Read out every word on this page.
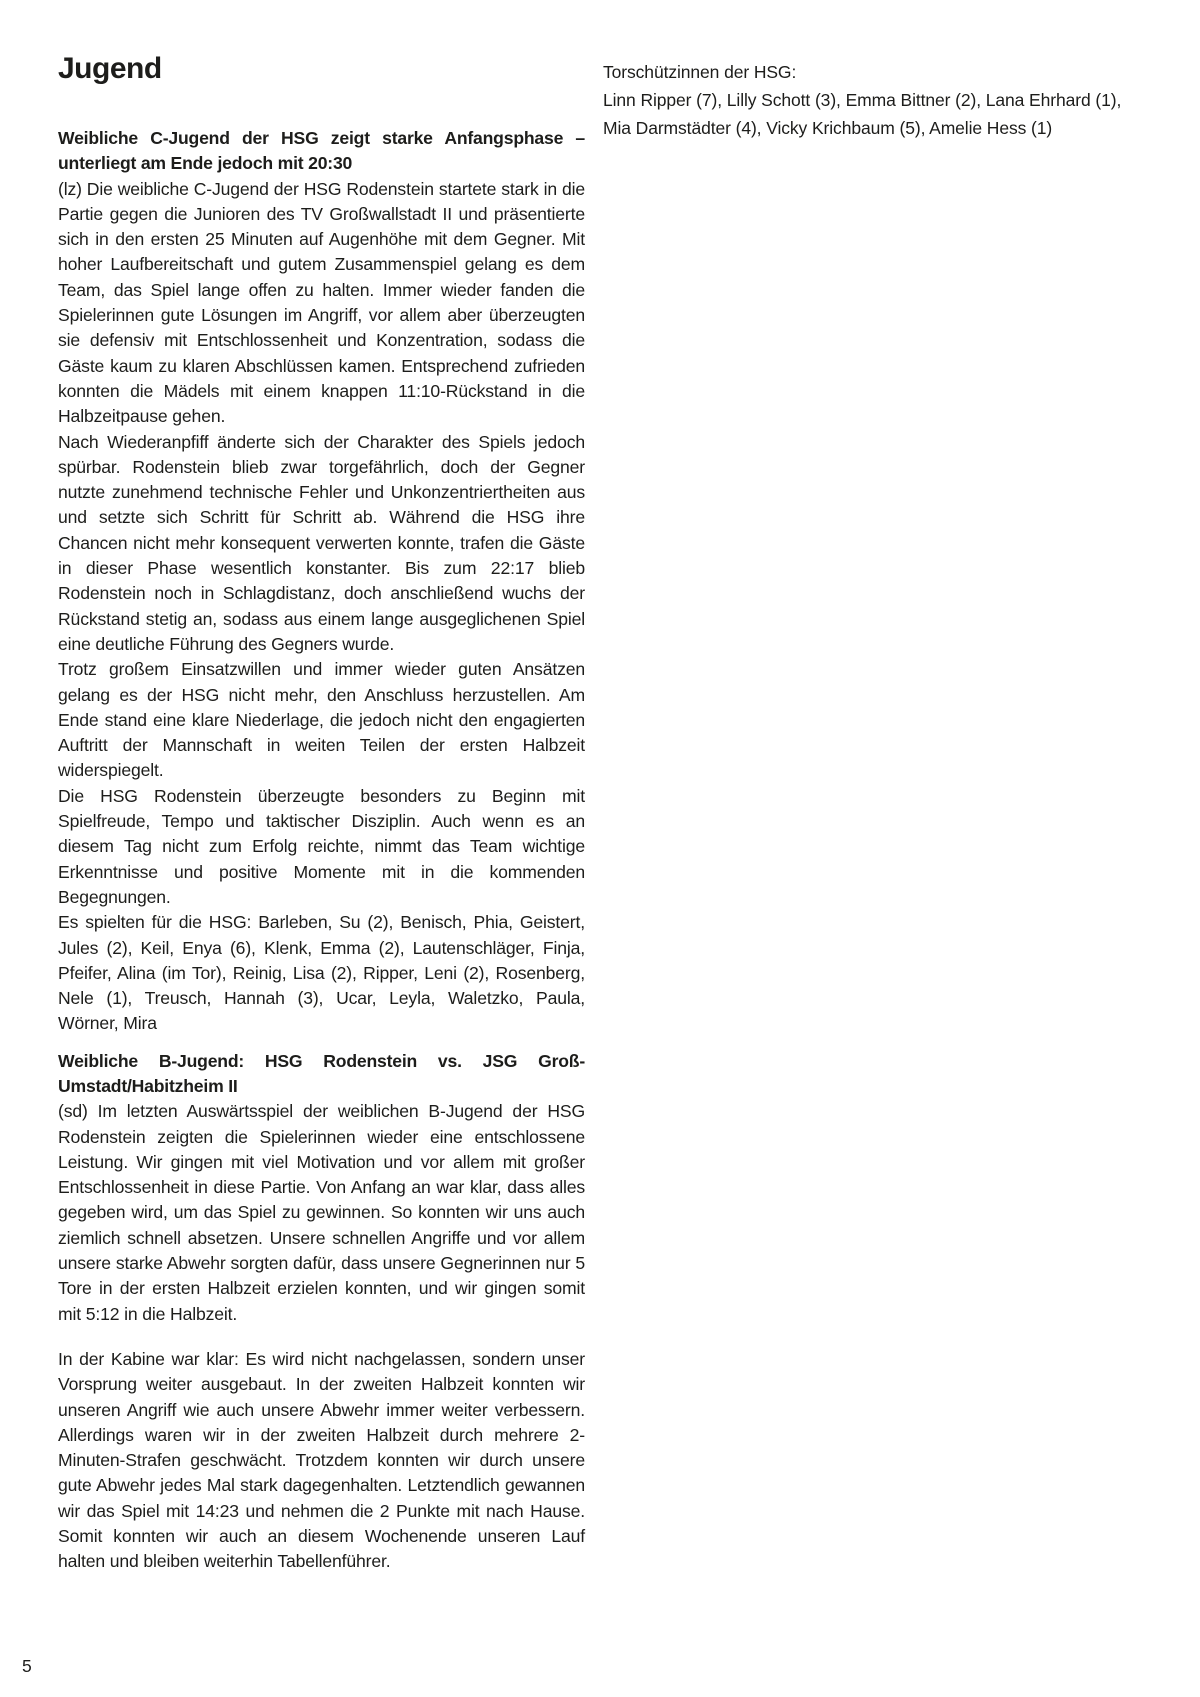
Jugend
Weibliche C-Jugend der HSG zeigt starke Anfangsphase –
unterliegt am Ende jedoch mit 20:30

(lz) Die weibliche C-Jugend der HSG Rodenstein startete stark in die Partie gegen die Junioren des TV Großwallstadt II und präsentierte sich in den ersten 25 Minuten auf Augenhöhe mit dem Gegner. Mit hoher Laufbereitschaft und gutem Zusammenspiel gelang es dem Team, das Spiel lange offen zu halten. Immer wieder fanden die Spielerinnen gute Lösungen im Angriff, vor allem aber überzeugten sie defensiv mit Entschlossenheit und Konzentration, sodass die Gäste kaum zu klaren Abschlüssen kamen. Entsprechend zufrieden konnten die Mädels mit einem knappen 11:10-Rückstand in die Halbzeitpause gehen.

Nach Wiederanpfiff änderte sich der Charakter des Spiels jedoch spürbar. Rodenstein blieb zwar torgefährlich, doch der Gegner nutzte zunehmend technische Fehler und Unkonzentriertheiten aus und setzte sich Schritt für Schritt ab. Während die HSG ihre Chancen nicht mehr konsequent verwerten konnte, trafen die Gäste in dieser Phase wesentlich konstanter. Bis zum 22:17 blieb Rodenstein noch in Schlagdistanz, doch anschließend wuchs der Rückstand stetig an, sodass aus einem lange ausgeglichenen Spiel eine deutliche Führung des Gegners wurde.

Trotz großem Einsatzwillen und immer wieder guten Ansätzen gelang es der HSG nicht mehr, den Anschluss herzustellen. Am Ende stand eine klare Niederlage, die jedoch nicht den engagierten Auftritt der Mannschaft in weiten Teilen der ersten Halbzeit widerspiegelt.

Die HSG Rodenstein überzeugte besonders zu Beginn mit Spielfreude, Tempo und taktischer Disziplin. Auch wenn es an diesem Tag nicht zum Erfolg reichte, nimmt das Team wichtige Erkenntnisse und positive Momente mit in die kommenden Begegnungen.

Es spielten für die HSG: Barleben, Su (2), Benisch, Phia, Geistert, Jules (2), Keil, Enya (6), Klenk, Emma (2), Lautenschläger, Finja, Pfeifer, Alina (im Tor), Reinig, Lisa (2), Ripper, Leni (2), Rosenberg, Nele (1), Treusch, Hannah (3), Ucar, Leyla, Waletzko, Paula, Wörner, Mira

Weibliche B-Jugend: HSG Rodenstein vs. JSG Groß-
Umstadt/Habitzheim II

(sd) Im letzten Auswärtsspiel der weiblichen B-Jugend der HSG Rodenstein zeigten die Spielerinnen wieder eine entschlossene Leistung. Wir gingen mit viel Motivation und vor allem mit großer Entschlossenheit in diese Partie. Von Anfang an war klar, dass alles gegeben wird, um das Spiel zu gewinnen. So konnten wir uns auch ziemlich schnell absetzen. Unsere schnellen Angriffe und vor allem unsere starke Abwehr sorgten dafür, dass unsere Gegnerinnen nur 5 Tore in der ersten Halbzeit erzielen konnten, und wir gingen somit mit 5:12 in die Halbzeit.

In der Kabine war klar: Es wird nicht nachgelassen, sondern unser Vorsprung weiter ausgebaut. In der zweiten Halbzeit konnten wir unseren Angriff wie auch unsere Abwehr immer weiter verbessern. Allerdings waren wir in der zweiten Halbzeit durch mehrere 2-Minuten-Strafen geschwächt. Trotzdem konnten wir durch unsere gute Abwehr jedes Mal stark dagegenhalten. Letztendlich gewannen wir das Spiel mit 14:23 und nehmen die 2 Punkte mit nach Hause. Somit konnten wir auch an diesem Wochenende unseren Lauf halten und bleiben weiterhin Tabellenführer.

Torschützinnen der HSG:
Linn Ripper (7), Lilly Schott (3), Emma Bittner (2), Lana Ehrhard (1),
Mia Darmstädter (4), Vicky Krichbaum (5), Amelie Hess (1)
5
